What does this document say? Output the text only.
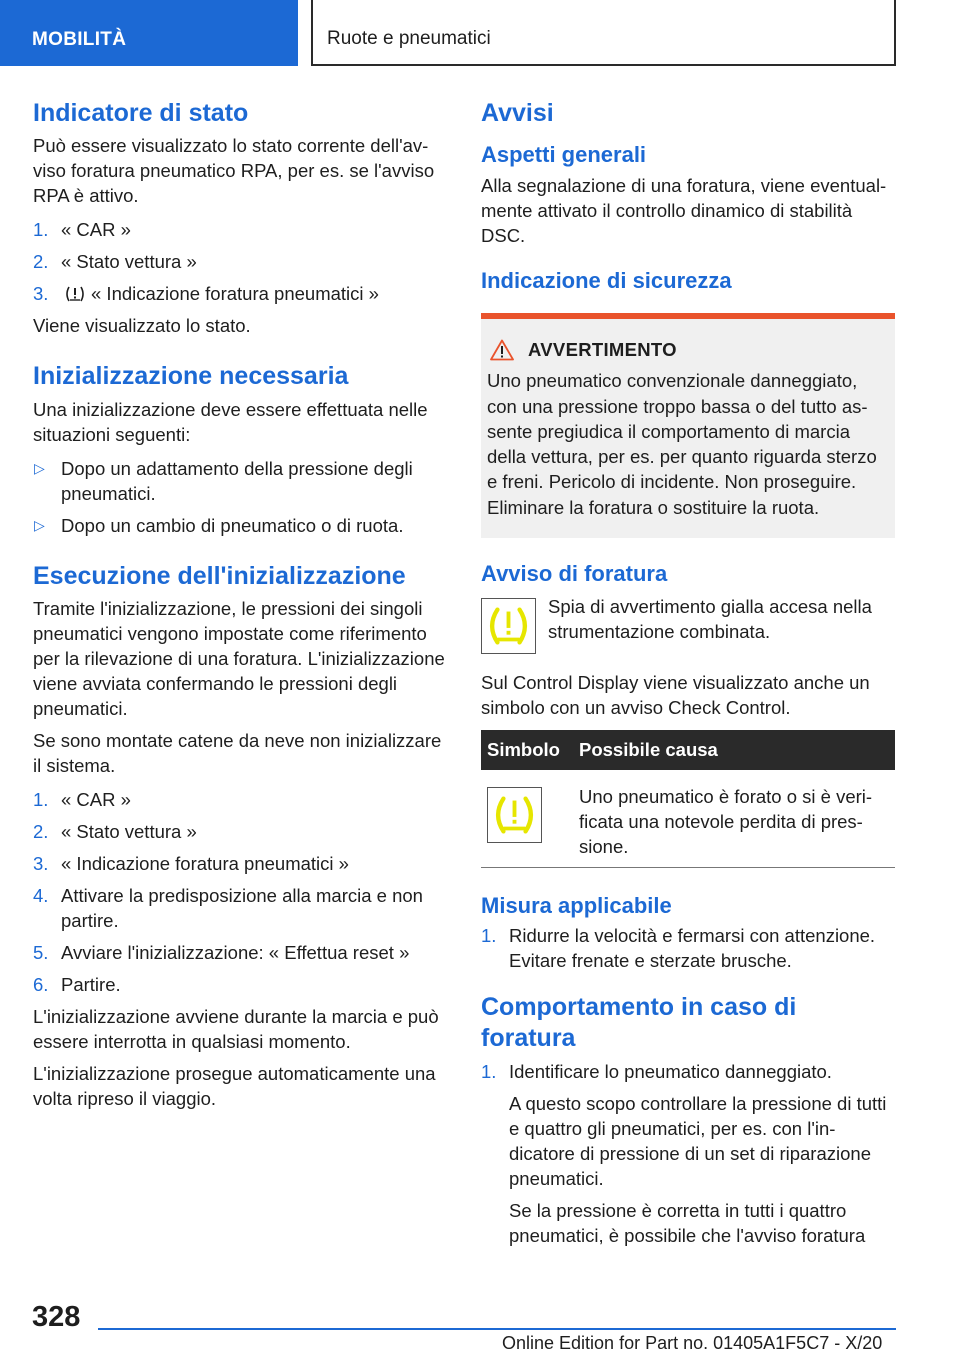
MOBILITÀ	Ruote e pneumatici
Indicatore di stato

Può essere visualizzato lo stato corrente dell'av-viso foratura pneumatico RPA, per es. se l'avviso RPA è attivo.

1. « CAR »
2. « Stato vettura »
3. « Indicazione foratura pneumatici »

Viene visualizzato lo stato.

Inizializzazione necessaria

Una inizializzazione deve essere effettuata nelle situazioni seguenti:

▷ Dopo un adattamento della pressione degli pneumatici.
▷ Dopo un cambio di pneumatico o di ruota.
Esecuzione dell'inizializzazione

Tramite l'inizializzazione, le pressioni dei singoli pneumatici vengono impostate come riferimento per la rilevazione di una foratura. L'inizializzazione viene avviata confermando le pressioni degli pneumatici.

Se sono montate catene da neve non inizializzare il sistema.

1. « CAR »
2. « Stato vettura »
3. « Indicazione foratura pneumatici »
4. Attivare la predisposizione alla marcia e non partire.
5. Avviare l'inizializzazione: « Effettua reset »
6. Partire.

L'inizializzazione avviene durante la marcia e può essere interrotta in qualsiasi momento.

L'inizializzazione prosegue automaticamente una volta ripreso il viaggio.

Avvisi
Aspetti generali

Alla segnalazione di una foratura, viene eventual-mente attivato il controllo dinamico di stabilità DSC.

Indicazione di sicurezza
AVVERTIMENTO

Uno pneumatico convenzionale danneggiato, con una pressione troppo bassa o del tutto as-sente pregiudica il comportamento di marcia della vettura, per es. per quanto riguarda sterzo e freni. Pericolo di incidente. Non proseguire. Eliminare la foratura o sostituire la ruota.

Avviso di foratura

Spia di avvertimento gialla accesa nella strumentazione combinata.

Sul Control Display viene visualizzato anche un simbolo con un avviso Check Control.

Simbolo	Possibile causa
	Uno pneumatico è forato o si è veri-ficata una notevole perdita di pres-sione.
Misura applicabile
1. Ridurre la velocità e fermarsi con attenzione. Evitare frenate e sterzate brusche.
Comportamento in caso di foratura
1. Identificare lo pneumatico danneggiato.

A questo scopo controllare la pressione di tutti e quattro gli pneumatici, per es. con l'in-dicatore di pressione di un set di riparazione pneumatici.

Se la pressione è corretta in tutti i quattro pneumatici, è possibile che l'avviso foratura

328
Online Edition for Part no. 01405A1F5C7 - X/20
